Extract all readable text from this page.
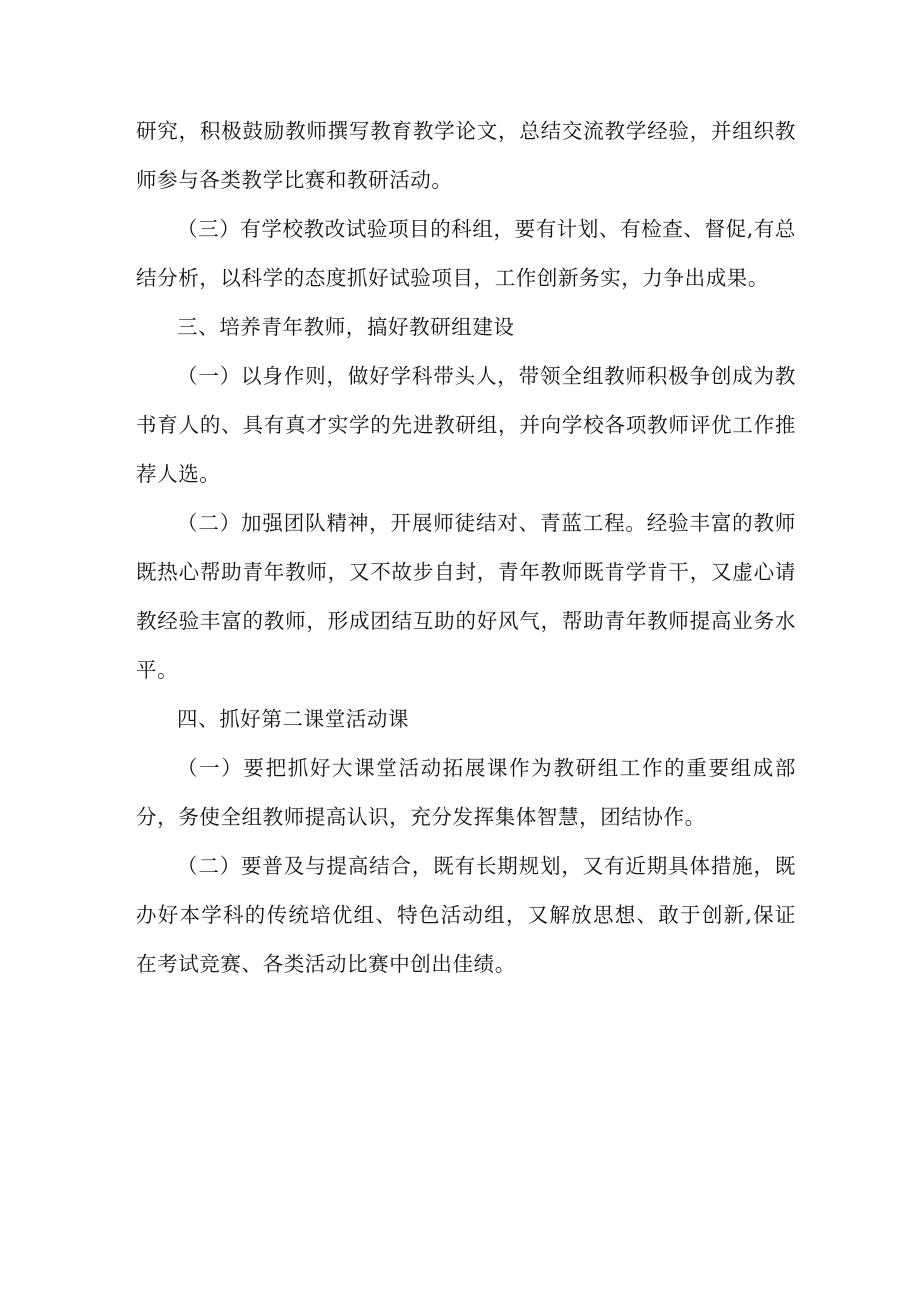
研究，积极鼓励教师撰写教育教学论文，总结交流教学经验，并组织教师参与各类教学比赛和教研活动。

（三）有学校教改试验项目的科组，要有计划、有检查、督促,有总结分析，以科学的态度抓好试验项目，工作创新务实，力争出成果。

三、培养青年教师，搞好教研组建设

（一）以身作则，做好学科带头人，带领全组教师积极争创成为教书育人的、具有真才实学的先进教研组，并向学校各项教师评优工作推荐人选。

（二）加强团队精神，开展师徒结对、青蓝工程。经验丰富的教师既热心帮助青年教师，又不故步自封，青年教师既肯学肯干，又虚心请教经验丰富的教师，形成团结互助的好风气，帮助青年教师提高业务水平。

四、抓好第二课堂活动课

（一）要把抓好大课堂活动拓展课作为教研组工作的重要组成部分，务使全组教师提高认识，充分发挥集体智慧，团结协作。

（二）要普及与提高结合，既有长期规划，又有近期具体措施，既办好本学科的传统培优组、特色活动组，又解放思想、敢于创新,保证在考试竞赛、各类活动比赛中创出佳绩。
